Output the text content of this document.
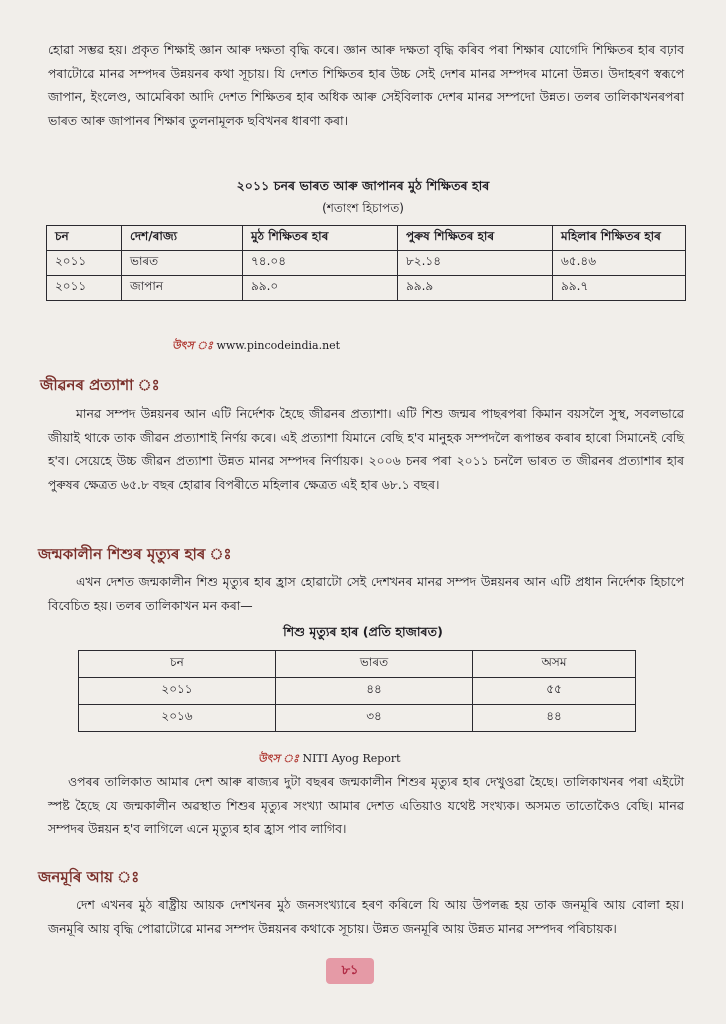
হোৱা সম্ভৱ হয়। প্ৰকৃত শিক্ষাই জ্ঞান আৰু দক্ষতা বৃদ্ধি কৰে। জ্ঞান আৰু দক্ষতা বৃদ্ধি কৰিব পৰা শিক্ষাৰ যোগেদি শিক্ষিতৰ হাৰ বঢ়াব পৰাটোৱে মানৱ সম্পদৰ উন্নয়নৰ কথা সূচায়। যি দেশত শিক্ষিতৰ হাৰ উচ্চ সেই দেশৰ মানৱ সম্পদৰ মানো উন্নত। উদাহৰণ স্বৰূপে জাপান, ইংলেণ্ড, আমেৰিকা আদি দেশত শিক্ষিতৰ হাৰ অধিক আৰু সেইবিলাক দেশৰ মানৱ সম্পদো উন্নত। তলৰ তালিকাখনৰপৰা ভাৰত আৰু জাপানৰ শিক্ষাৰ তুলনামূলক ছবিখনৰ ধাৰণা কৰা।

২০১১ চনৰ ভাৰত আৰু জাপানৰ মুঠ শিক্ষিতৰ হাৰ

(শতাংশ হিচাপত)

চন	দেশ/ৰাজ্য	মুঠ শিক্ষিতৰ হাৰ	পুৰুষ শিক্ষিতৰ হাৰ	মহিলাৰ শিক্ষিতৰ হাৰ
২০১১	ভাৰত	৭৪.০৪	৮২.১৪	৬৫.৪৬
২০১১	জাপান	৯৯.০	৯৯.৯	৯৯.৭
উৎস ঃ www.pincodeindia.net
জীৱনৰ প্ৰত্যাশা ঃ

মানৱ সম্পদ উন্নয়নৰ আন এটি নিৰ্দেশক হৈছে জীৱনৰ প্ৰত্যাশা। এটি শিশু জন্মৰ পাছৰপৰা কিমান বয়সলৈ সুস্থ, সবলভাৱে জীয়াই থাকে তাক জীৱন প্ৰত্যাশাই নিৰ্ণয় কৰে। এই প্ৰত্যাশা যিমানে বেছি হ'ব মানুহক সম্পদলৈ ৰূপান্তৰ কৰাৰ হাৰো সিমানেই বেছি হ'ব। সেয়েহে উচ্চ জীৱন প্ৰত্যাশা উন্নত মানৱ সম্পদৰ নিৰ্ণায়ক। ২০০৬ চনৰ পৰা ২০১১ চনলৈ ভাৰত ত জীৱনৰ প্ৰত্যাশাৰ হাৰ পুৰুষৰ ক্ষেত্ৰত ৬৫.৮ বছৰ হোৱাৰ বিপৰীতে মহিলাৰ ক্ষেত্ৰত এই হাৰ ৬৮.১ বছৰ।

জন্মকালীন শিশুৰ মৃত্যুৰ হাৰ ঃ

এখন দেশত জন্মকালীন শিশু মৃত্যুৰ হাৰ হ্ৰাস হোৱাটো সেই দেশখনৰ মানৱ সম্পদ উন্নয়নৰ আন এটি প্ৰধান নিৰ্দেশক হিচাপে বিবেচিত হয়। তলৰ তালিকাখন মন কৰা—

শিশু মৃত্যুৰ হাৰ (প্ৰতি হাজাৰত)

চন	ভাৰত	অসম
২০১১	৪৪	৫৫
২০১৬	৩৪	৪৪
উৎস ঃ NITI Ayog Report

ওপৰৰ তালিকাত আমাৰ দেশ আৰু ৰাজ্যৰ দুটা বছৰৰ জন্মকালীন শিশুৰ মৃত্যুৰ হাৰ দেখুওৱা হৈছে। তালিকাখনৰ পৰা এইটো স্পষ্ট হৈছে যে জন্মকালীন অৱস্থাত শিশুৰ মৃত্যুৰ সংখ্যা আমাৰ দেশত এতিয়াও যথেষ্ট সংখ্যক। অসমত তাতোকৈও বেছি। মানৱ সম্পদৰ উন্নয়ন হ'ব লাগিলে এনে মৃত্যুৰ হাৰ হ্ৰাস পাব লাগিব।

জনমূৰি আয় ঃ

দেশ এখনৰ মুঠ ৰাষ্ট্ৰীয় আয়ক দেশখনৰ মুঠ জনসংখ্যাৰে হৰণ কৰিলে যি আয় উপলব্ধ হয় তাক জনমূৰি আয় বোলা হয়। জনমূৰি আয় বৃদ্ধি পোৱাটোৱে মানৱ সম্পদ উন্নয়নৰ কথাকে সূচায়। উন্নত জনমূৰি আয় উন্নত মানৱ সম্পদৰ পৰিচায়ক।

৮১
